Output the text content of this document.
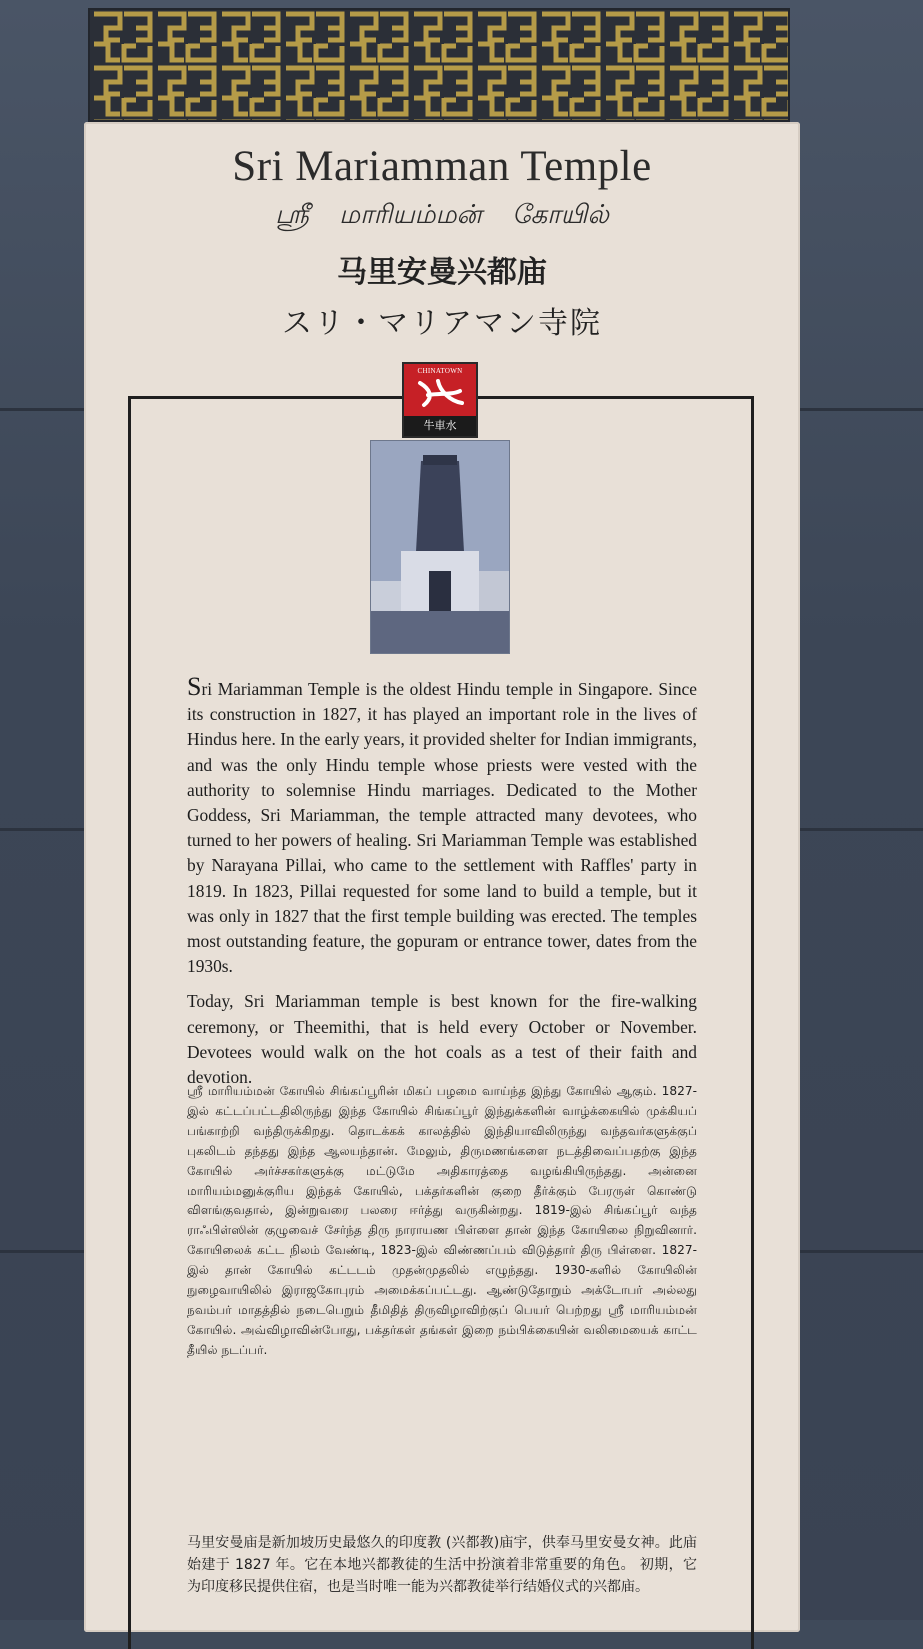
Sri Mariamman Temple
ஸ்ரீ மாரியம்மன் கோயில்
马里安曼兴都庙
スリ・マリアマン寺院
CHINATOWN
牛車水

Sri Mariamman Temple is the oldest Hindu temple in Singapore. Since its construction in 1827, it has played an important role in the lives of Hindus here. In the early years, it provided shelter for Indian immigrants, and was the only Hindu temple whose priests were vested with the authority to solemnise Hindu marriages. Dedicated to the Mother Goddess, Sri Mariamman, the temple attracted many devotees, who turned to her powers of healing. Sri Mariamman Temple was established by Narayana Pillai, who came to the settlement with Raffles' party in 1819. In 1823, Pillai requested for some land to build a temple, but it was only in 1827 that the first temple building was erected. The temples most outstanding feature, the gopuram or entrance tower, dates from the 1930s.

Today, Sri Mariamman temple is best known for the fire-walking ceremony, or Theemithi, that is held every October or November. Devotees would walk on the hot coals as a test of their faith and devotion.

ஸ்ரீ மாரியம்மன் கோயில் சிங்கப்பூரின் மிகப் பழமை வாய்ந்த இந்து கோயில் ஆகும். 1827-இல் கட்டப்பட்டதிலிருந்து இந்த கோயில் சிங்கப்பூர் இந்துக்களின் வாழ்க்கையில் முக்கியப் பங்காற்றி வந்திருக்கிறது. தொடக்கக் காலத்தில் இந்தியாவிலிருந்து வந்தவர்களுக்குப் புகலிடம் தந்தது இந்த ஆலயந்தான். மேலும், திருமணங்களை நடத்திவைப்பதற்கு இந்த கோயில் அர்ச்சகர்களுக்கு மட்டுமே அதிகாரத்தை வழங்கியிருந்தது. அன்னை மாரியம்மனுக்குரிய இந்தக் கோயில், பக்தர்களின் குறை தீர்க்கும் பேரருள் கொண்டு விளங்குவதால், இன்றுவரை பலரை ஈர்த்து வருகின்றது. 1819-இல் சிங்கப்பூர் வந்த ராஃபிள்ஸின் குழுவைச் சேர்ந்த திரு நாராயண பிள்ளை தான் இந்த கோயிலை நிறுவினார். கோயிலைக் கட்ட நிலம் வேண்டி, 1823-இல் விண்ணப்பம் விடுத்தார் திரு பிள்ளை. 1827-இல் தான் கோயில் கட்டடம் முதன்முதலில் எழுந்தது. 1930-களில் கோயிலின் நுழைவாயிலில் இராஜகோபுரம் அமைக்கப்பட்டது. ஆண்டுதோறும் அக்டோபர் அல்லது நவம்பர் மாதத்தில் நடைபெறும் தீமிதித் திருவிழாவிற்குப் பெயர் பெற்றது ஸ்ரீ மாரியம்மன் கோயில். அவ்விழாவின்போது, பக்தர்கள் தங்கள் இறை நம்பிக்கையின் வலிமையைக் காட்ட தீயில் நடப்பர்.
马里安曼庙是新加坡历史最悠久的印度教 (兴都教)庙宇，供奉马里安曼女神。此庙始建于 1827 年。它在本地兴都教徒的生活中扮演着非常重要的角色。 初期，它为印度移民提供住宿，也是当时唯一能为兴都教徒举行结婚仪式的兴都庙。
